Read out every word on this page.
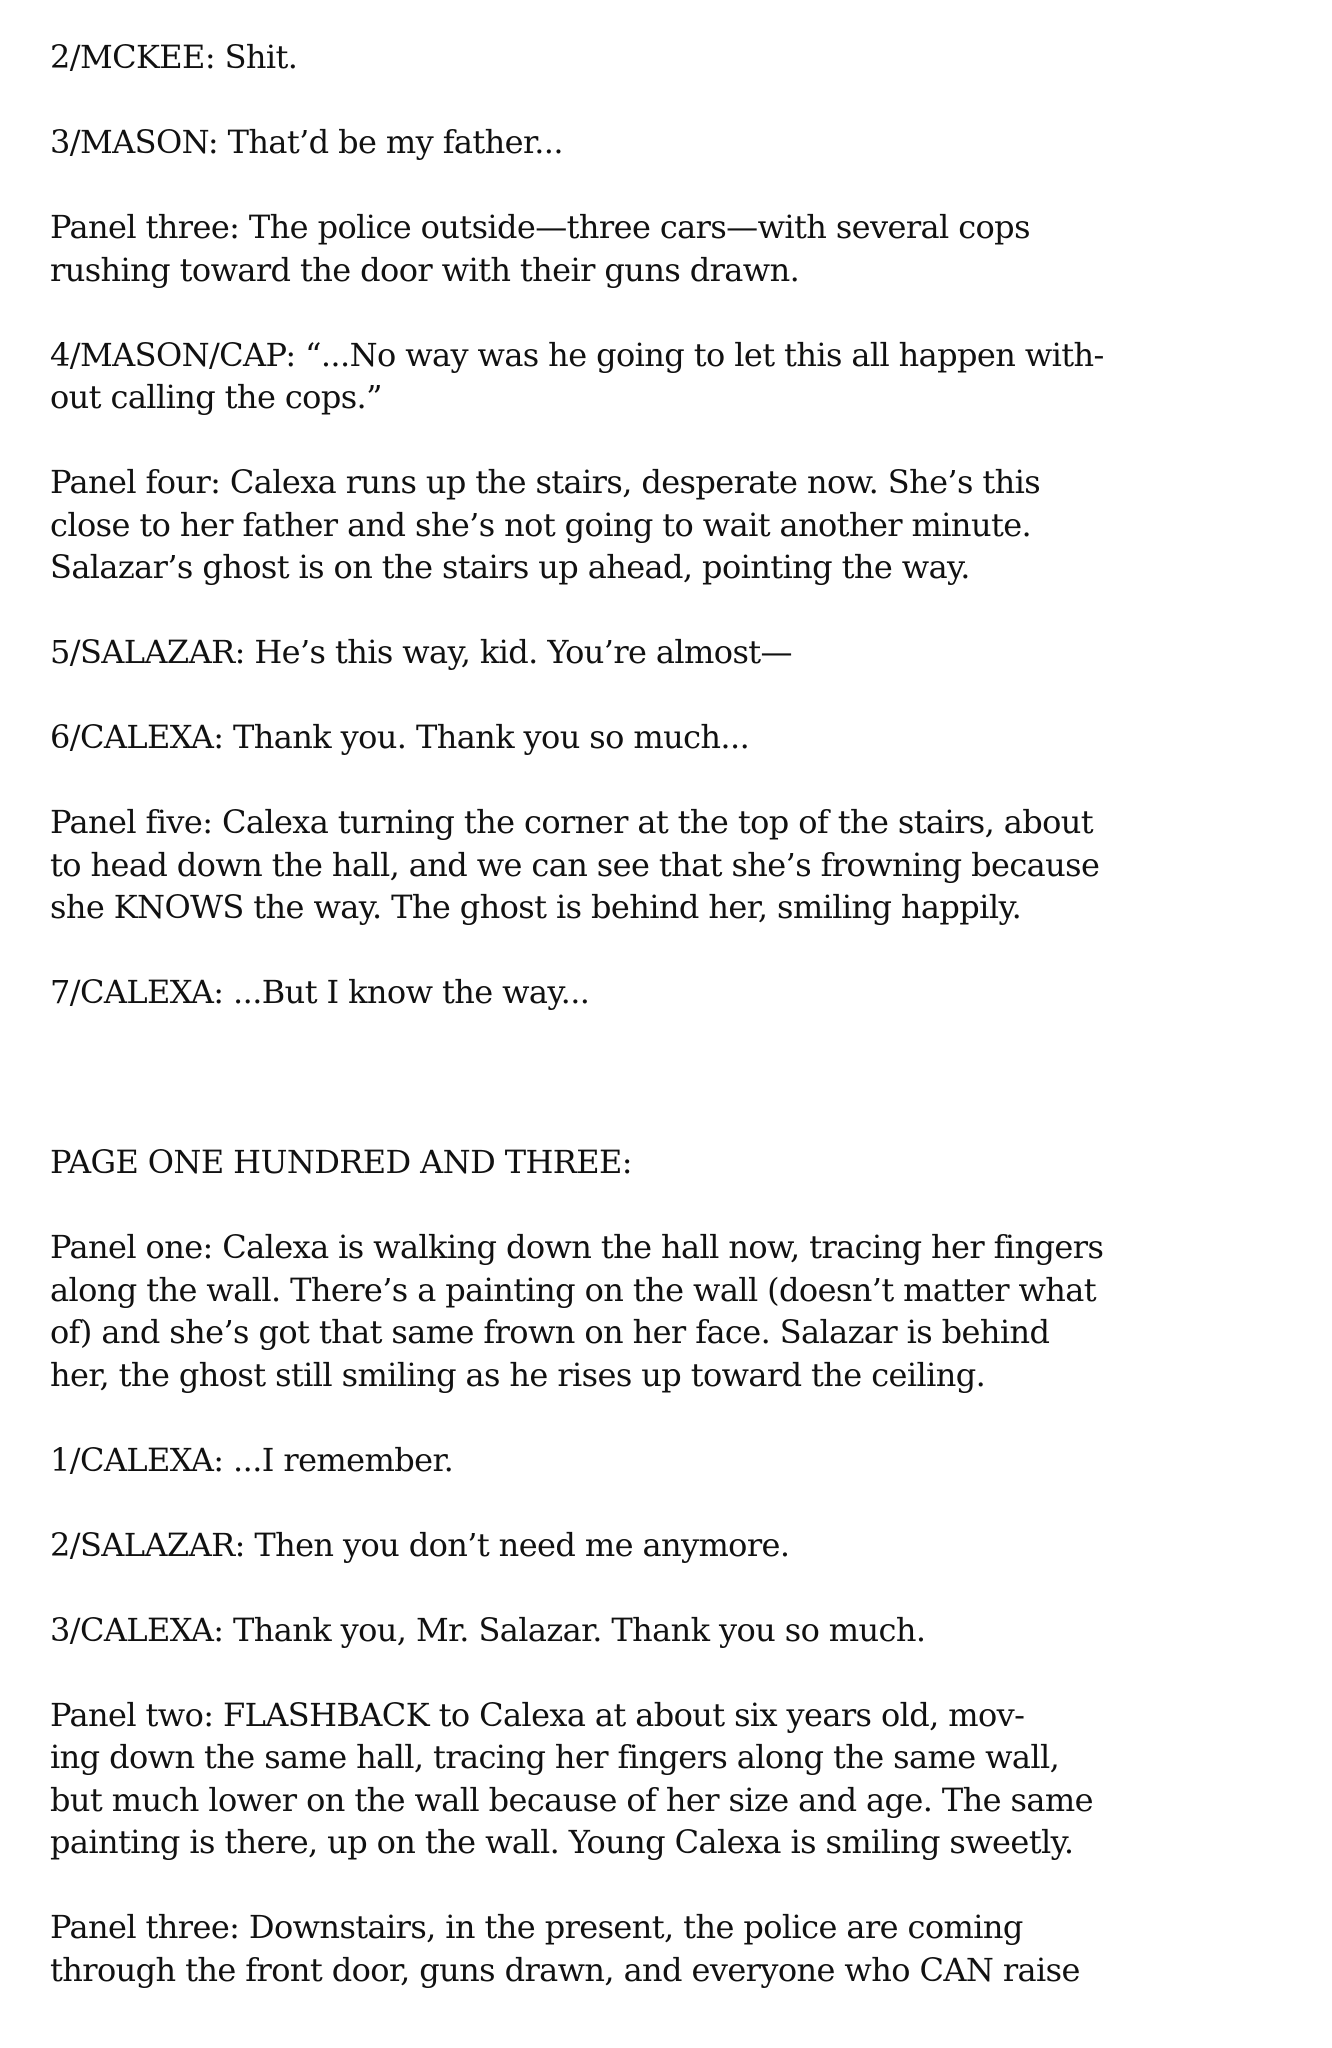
2/MCKEE: Shit.

3/MASON: That’d be my father...

Panel three: The police outside—three cars—with several cops
rushing toward the door with their guns drawn.

4/MASON/CAP: “...No way was he going to let this all happen with-
out calling the cops.”

Panel four: Calexa runs up the stairs, desperate now. She’s this
close to her father and she’s not going to wait another minute.
Salazar’s ghost is on the stairs up ahead, pointing the way.

5/SALAZAR: He’s this way, kid. You’re almost—

6/CALEXA: Thank you. Thank you so much...

Panel five: Calexa turning the corner at the top of the stairs, about
to head down the hall, and we can see that she’s frowning because
she KNOWS the way. The ghost is behind her, smiling happily.

7/CALEXA: ...But I know the way...

PAGE ONE HUNDRED AND THREE:

Panel one: Calexa is walking down the hall now, tracing her fingers
along the wall. There’s a painting on the wall (doesn’t matter what
of) and she’s got that same frown on her face. Salazar is behind
her, the ghost still smiling as he rises up toward the ceiling.

1/CALEXA: ...I remember.

2/SALAZAR: Then you don’t need me anymore.

3/CALEXA: Thank you, Mr. Salazar. Thank you so much.

Panel two: FLASHBACK to Calexa at about six years old, mov-
ing down the same hall, tracing her fingers along the same wall,
but much lower on the wall because of her size and age. The same
painting is there, up on the wall. Young Calexa is smiling sweetly.

Panel three: Downstairs, in the present, the police are coming
through the front door, guns drawn, and everyone who CAN raise
